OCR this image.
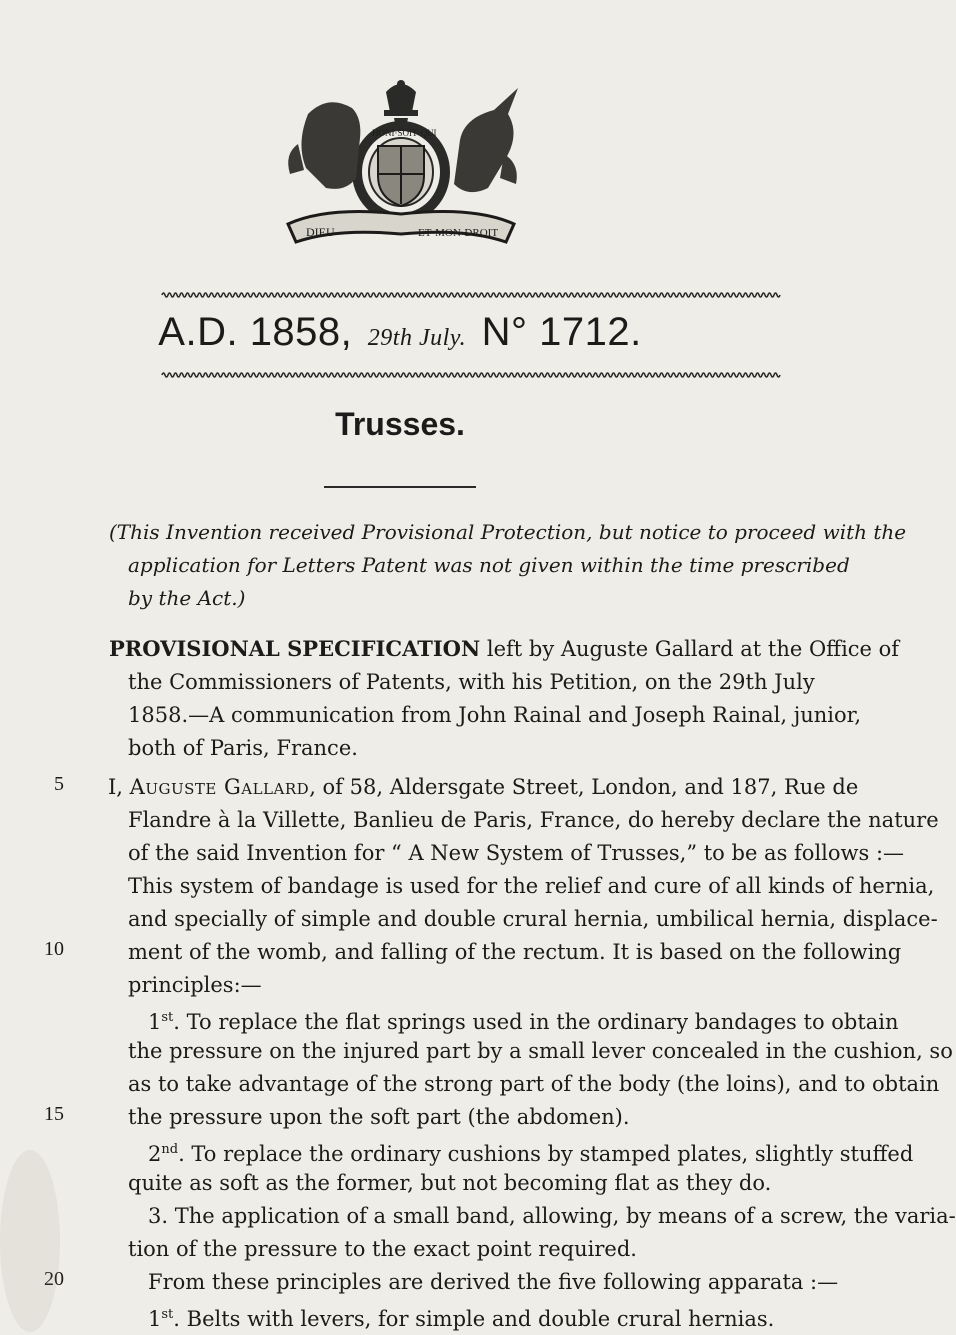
DIEU	ET·MON·DROIT
HONI·SOIT·QUI
A.D. 1858, 29th July. N° 1712.
Trusses.
(This Invention received Provisional Protection, but notice to proceed with the
application for Letters Patent was not given within the time prescribed
by the Act.)
PROVISIONAL SPECIFICATION left by Auguste Gallard at the Office of
the Commissioners of Patents, with his Petition, on the 29th July
1858.—A communication from John Rainal and Joseph Rainal, junior,
both of Paris, France.
5 I, Auguste Gallard, of 58, Aldersgate Street, London, and 187, Rue de
Flandre à la Villette, Banlieu de Paris, France, do hereby declare the nature
of the said Invention for “ A New System of Trusses,” to be as follows :—
This system of bandage is used for the relief and cure of all kinds of hernia,
and specially of simple and double crural hernia, umbilical hernia, displace-
10	ment of the womb, and falling of the rectum. It is based on the following
principles:—
1st. To replace the flat springs used in the ordinary bandages to obtain
the pressure on the injured part by a small lever concealed in the cushion, so
as to take advantage of the strong part of the body (the loins), and to obtain
15	the pressure upon the soft part (the abdomen).
2nd. To replace the ordinary cushions by stamped plates, slightly stuffed
quite as soft as the former, but not becoming flat as they do.
3. The application of a small band, allowing, by means of a screw, the varia-
tion of the pressure to the exact point required.
20	From these principles are derived the five following apparata :—
1st. Belts with levers, for simple and double crural hernias.
